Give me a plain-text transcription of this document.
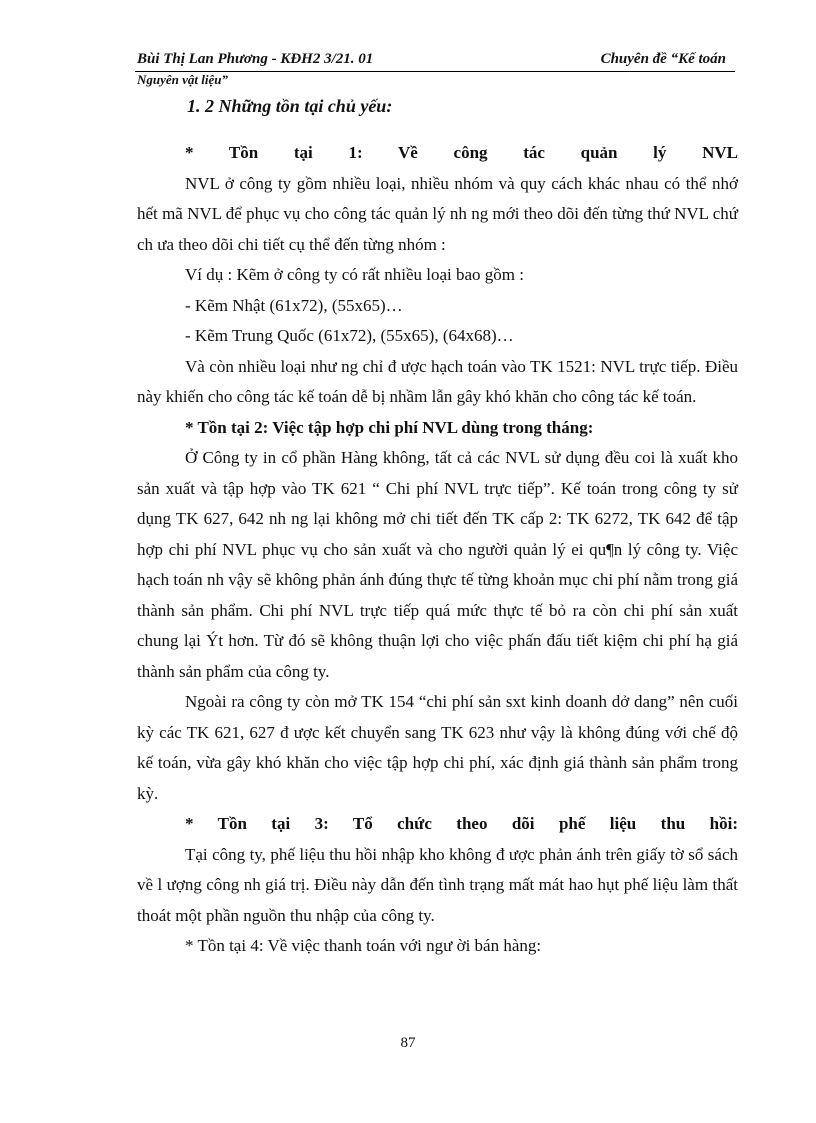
Bùi Thị Lan Phương - KĐH2 3/21. 01	Chuyên đề “Kế toán
Nguyên vật liệu”

1. 2 Những tồn tại chủ yếu:

* Tồn tại 1: Về công tác quản lý NVL

NVL ở công ty gồm nhiều loại, nhiều nhóm và quy cách khác nhau có thể nhớ hết mã NVL để phục vụ cho công tác quản lý nh ng mới theo dõi đến từng thứ NVL chứ ch ưa theo dõi chi tiết cụ thể đến từng nhóm :

Ví dụ : Kẽm ở công ty có rất nhiều loại bao gồm :

- Kẽm Nhật (61x72), (55x65)…

- Kẽm Trung Quốc (61x72), (55x65), (64x68)…

Và còn nhiều loại như ng chỉ đ ược hạch toán vào TK 1521: NVL trực tiếp. Điều này khiến cho công tác kế toán dễ bị nhầm lẫn gây khó khăn cho công tác kế toán.

* Tồn tại 2: Việc tập hợp chi phí NVL dùng trong tháng:

Ở Công ty in cổ phần Hàng không, tất cả các NVL sử dụng đều coi là xuất kho sản xuất và tập hợp vào TK 621 “ Chi phí NVL trực tiếp”. Kế toán trong công ty sử dụng TK 627, 642 nh ng lại không mở chi tiết đến TK cấp 2: TK 6272, TK 642 để tập hợp chi phí NVL phục vụ cho sản xuất và cho người quản lý ei qu¶n lý công ty. Việc hạch toán nh vậy sẽ không phản ánh đúng thực tế từng khoản mục chi phí nằm trong giá thành sản phẩm. Chi phí NVL trực tiếp quá mức thực tế bỏ ra còn chi phí sản xuất chung lại Ýt hơn. Từ đó sẽ không thuận lợi cho việc phấn đấu tiết kiệm chi phí hạ giá thành sản phẩm của công ty.

Ngoài ra công ty còn mở TK 154 “chi phí sản sxt kinh doanh dở dang” nên cuối kỳ các TK 621, 627 đ ược kết chuyển sang TK 623 như vậy là không đúng với chế độ kế toán, vừa gây khó khăn cho việc tập hợp chi phí, xác định giá thành sản phẩm trong kỳ.

* Tồn tại 3: Tổ chức theo dõi phế liệu thu hồi:

Tại công ty, phế liệu thu hồi nhập kho không đ ược phản ánh trên giấy tờ sổ sách về l ượng công nh giá trị. Điều này dẫn đến tình trạng mất mát hao hụt phế liệu làm thất thoát một phần nguồn thu nhập của công ty.

* Tồn tại 4: Về việc thanh toán với ngư ời bán hàng:

87
